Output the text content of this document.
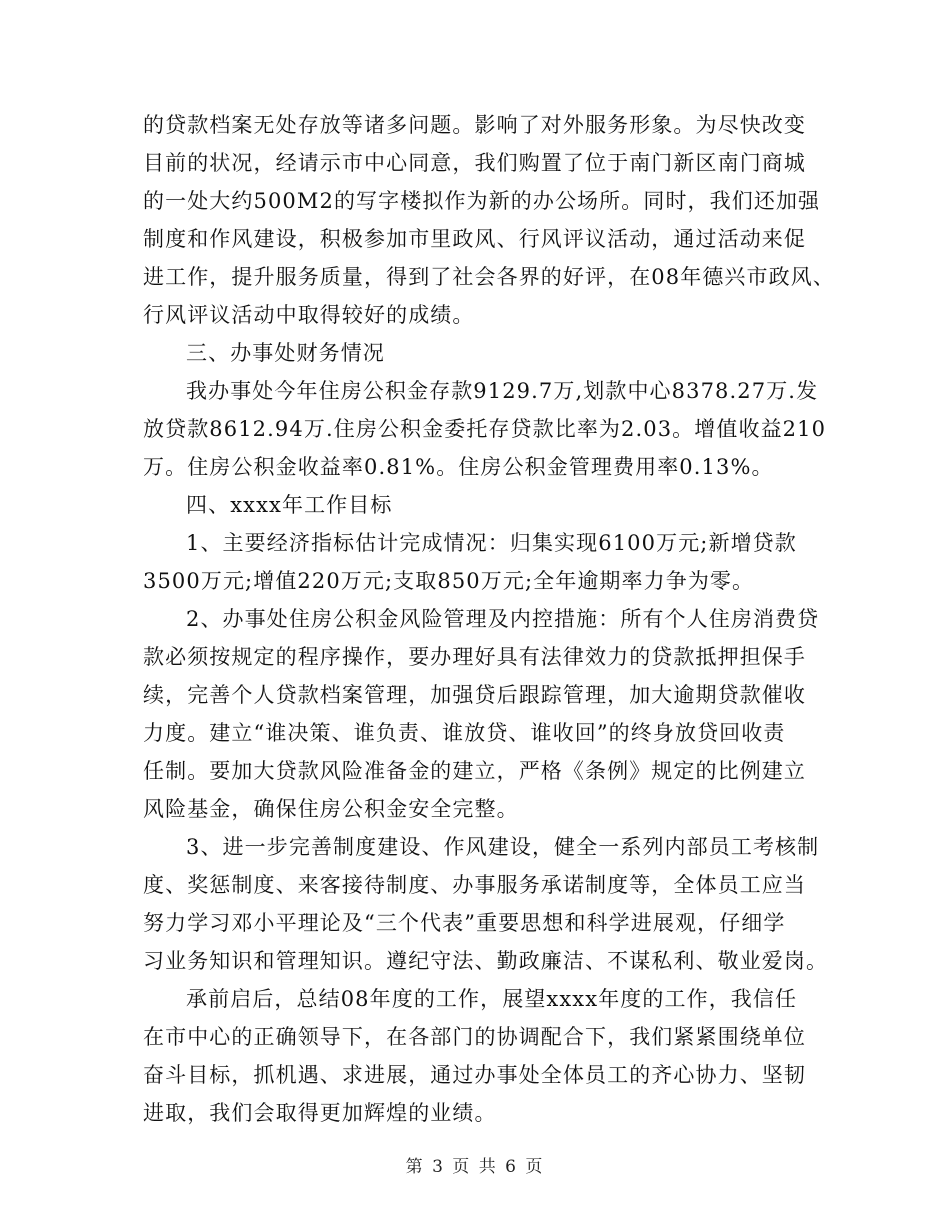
的贷款档案无处存放等诸多问题。影响了对外服务形象。为尽快改变
目前的状况，经请示市中心同意，我们购置了位于南门新区南门商城
的一处大约500M2的写字楼拟作为新的办公场所。同时，我们还加强
制度和作风建设，积极参加市里政风、行风评议活动，通过活动来促
进工作，提升服务质量，得到了社会各界的好评，在08年德兴市政风、
行风评议活动中取得较好的成绩。
三、办事处财务情况
我办事处今年住房公积金存款9129.7万,划款中心8378.27万.发
放贷款8612.94万.住房公积金委托存贷款比率为2.03。增值收益210
万。住房公积金收益率0.81%。住房公积金管理费用率0.13%。
四、xxxx年工作目标
1、主要经济指标估计完成情况：归集实现6100万元;新增贷款
3500万元;增值220万元;支取850万元;全年逾期率力争为零。
2、办事处住房公积金风险管理及内控措施：所有个人住房消费贷
款必须按规定的程序操作，要办理好具有法律效力的贷款抵押担保手
续，完善个人贷款档案管理，加强贷后跟踪管理，加大逾期贷款催收
力度。建立“谁决策、谁负责、谁放贷、谁收回”的终身放贷回收责
任制。要加大贷款风险准备金的建立，严格《条例》规定的比例建立
风险基金，确保住房公积金安全完整。
3、进一步完善制度建设、作风建设，健全一系列内部员工考核制
度、奖惩制度、来客接待制度、办事服务承诺制度等，全体员工应当
努力学习邓小平理论及“三个代表”重要思想和科学进展观，仔细学
习业务知识和管理知识。遵纪守法、勤政廉洁、不谋私利、敬业爱岗。
承前启后，总结08年度的工作，展望xxxx年度的工作，我信任
在市中心的正确领导下，在各部门的协调配合下，我们紧紧围绕单位
奋斗目标，抓机遇、求进展，通过办事处全体员工的齐心协力、坚韧
进取，我们会取得更加辉煌的业绩。
第 3 页 共 6 页
